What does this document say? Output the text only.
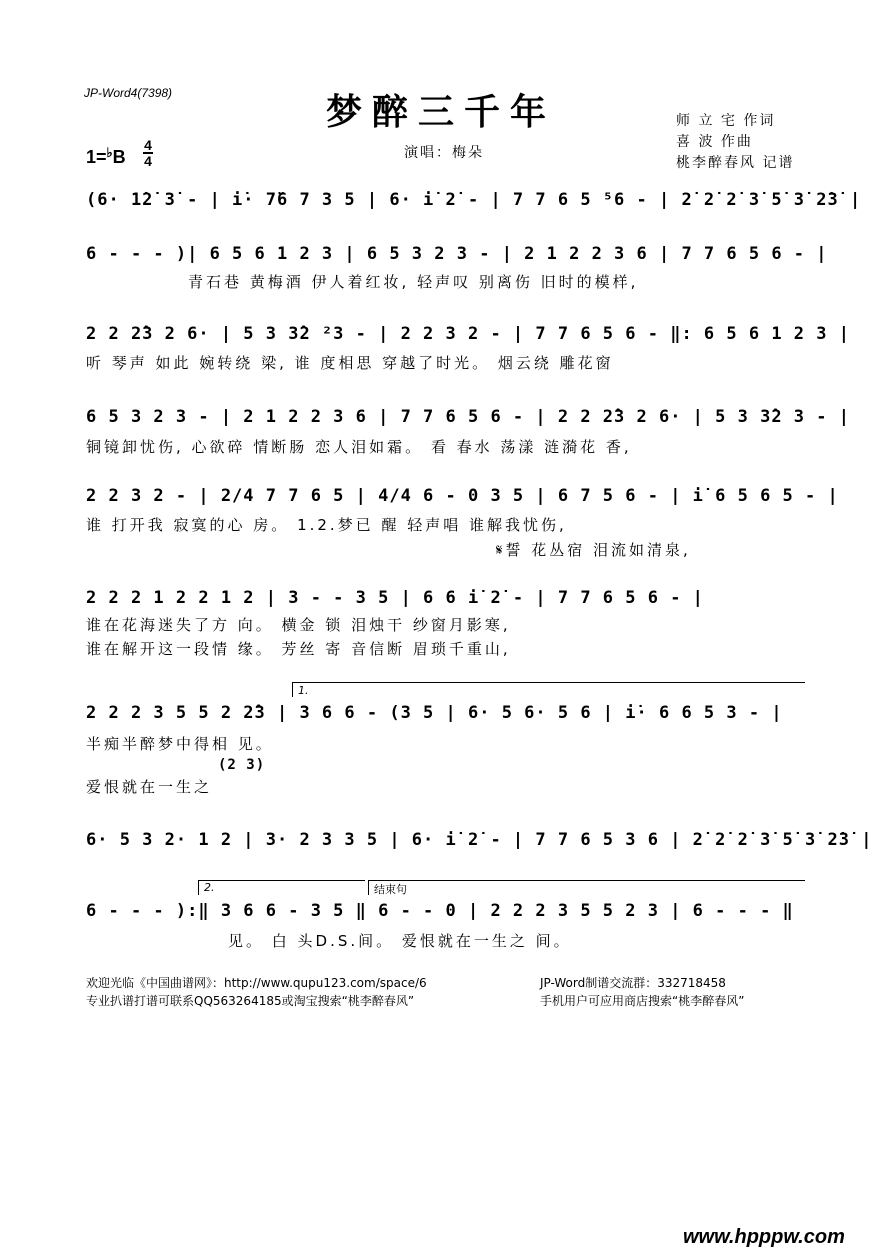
JP-Word4(7398)	梦醉三千年	师 立 宅 作词
喜 波 作曲
桃李醉春风 记谱
演唱：梅朵
1=♭B
4
4
(6· 1̇2̇ 3̇ - | i̇· 7̈6 7 3 5 | 6· i̇ 2̇ - | 7 7 6 5 ⁵6 - | 2̇ 2̇ 2̇ 3̇ 5̇ 3̇ 2̇3̇ |
6 - - - )| 6 5 6 1 2 3 | 6 5 3 2 3 - | 2 1 2 2 3 6 | 7 7 6 5 6 - |
青石巷 黄梅酒 伊人着红妆, 轻声叹 别离伤 旧时的模样,
2 2 2̂3 2 6· | 5 3 3̂2 ²3 - | 2 2 3 2 - | 7 7 6 5 6 - ‖: 6 5 6 1 2 3 |
听 琴声 如此 婉转绕 梁, 谁 度相思 穿越了时光。 烟云绕 雕花窗
6 5 3 2 3 - | 2 1 2 2 3 6 | 7 7 6 5 6 - | 2 2 2̂3 2 6· | 5 3 3̂2 3 - |
铜镜卸忧伤, 心欲碎 情断肠 恋人泪如霜。 看 春水 荡漾 涟漪花 香,
2 2 3 2 - | 2/4 7 7 6 5 | 4/4 6 - 0 3 5 | 6 7 5 6 - | i̇ 6 5 6 5 - |
谁 打开我 寂寞的心 房。 1.2.梦已 醒 轻声唱 谁解我忧伤,
𝄋誓 花丛宿 泪流如清泉,
2 2 2 1 2 2 1 2 | 3 - - 3 5 | 6 6 i̇ 2̇ - | 7 7 6 5 6 - |
谁在花海迷失了方 向。 横金 锁 泪烛干 纱窗月影寒,
谁在解开这一段情 缘。 芳丝 寄 音信断 眉琐千重山,
1.
2 2 2 3 5 5 2 2̂3 | 3 6 6 - (3 5 | 6· 5 6· 5 6 | i̇· 6 6 5 3 - |
半痴半醉梦中得相 见。
(2 3)
爱恨就在一生之
6· 5 3 2· 1 2 | 3· 2 3 3 5 | 6· i̇ 2̇ - | 7 7 6 5 3 6 | 2̇ 2̇ 2̇ 3̇ 5̇ 3̇ 2̇3̇ |
2.	结束句
6 - - - ):‖ 3 6 6 - 3 5 ‖ 6 - - 0 | 2 2 2 3 5 5 2 3 | 6 - - - ‖
见。 白 头D.S.间。 爱恨就在一生之 间。
欢迎光临《中国曲谱网》：http://www.qupu123.com/space/6
专业扒谱打谱可联系QQ563264185或淘宝搜索“桃李醉春风”
JP-Word制谱交流群：332718458
手机用户可应用商店搜索“桃李醉春风”
www.hpppw.com
